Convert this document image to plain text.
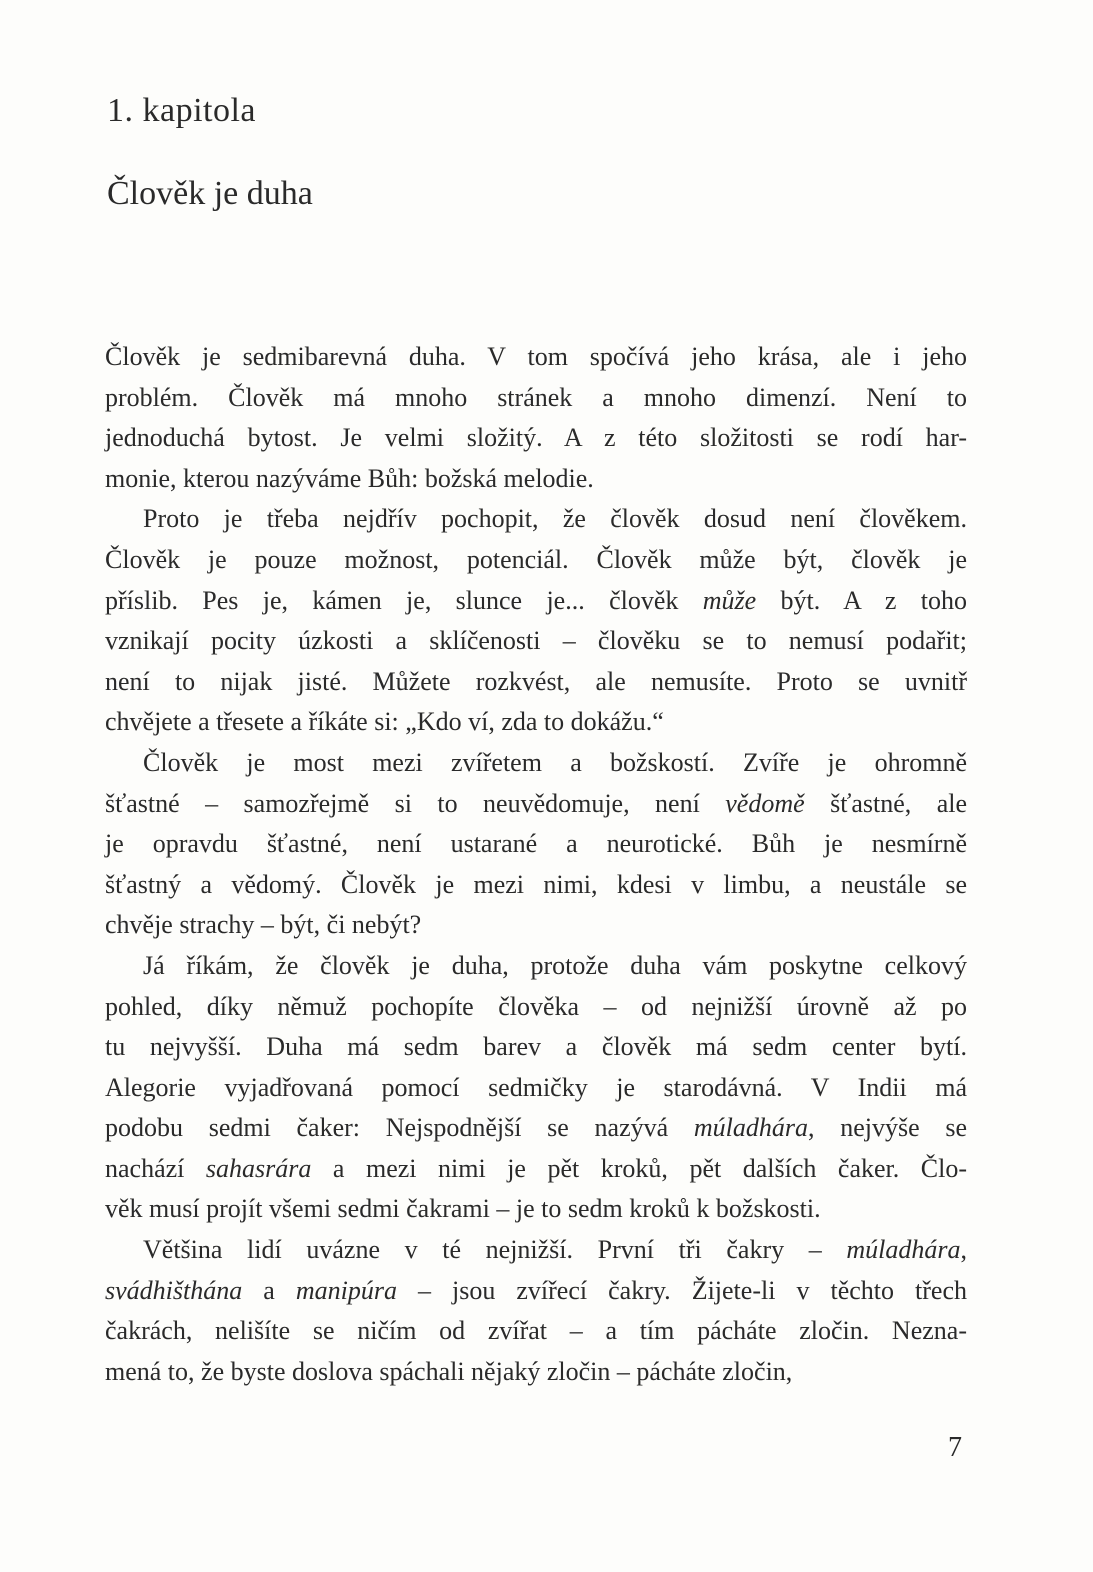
1. kapitola
Člověk je duha
Člověk je sedmibarevná duha. V tom spočívá jeho krása, ale i jeho
problém. Člověk má mnoho stránek a mnoho dimenzí. Není to
jednoduchá bytost. Je velmi složitý. A z této složitosti se rodí har-
monie, kterou nazýváme Bůh: božská melodie.
Proto je třeba nejdřív pochopit, že člověk dosud není člověkem.
Člověk je pouze možnost, potenciál. Člověk může být, člověk je
příslib. Pes je, kámen je, slunce je... člověk může být. A z toho
vznikají pocity úzkosti a sklíčenosti – člověku se to nemusí podařit;
není to nijak jisté. Můžete rozkvést, ale nemusíte. Proto se uvnitř
chvějete a třesete a říkáte si: „Kdo ví, zda to dokážu.“
Člověk je most mezi zvířetem a božskostí. Zvíře je ohromně
šťastné – samozřejmě si to neuvědomuje, není vědomě šťastné, ale
je opravdu šťastné, není ustarané a neurotické. Bůh je nesmírně
šťastný a vědomý. Člověk je mezi nimi, kdesi v limbu, a neustále se
chvěje strachy – být, či nebýt?
Já říkám, že člověk je duha, protože duha vám poskytne celkový
pohled, díky němuž pochopíte člověka – od nejnižší úrovně až po
tu nejvyšší. Duha má sedm barev a člověk má sedm center bytí.
Alegorie vyjadřovaná pomocí sedmičky je starodávná. V Indii má
podobu sedmi čaker: Nejspodnější se nazývá múladhára, nejvýše se
nachází sahasrára a mezi nimi je pět kroků, pět dalších čaker. Člo-
věk musí projít všemi sedmi čakrami – je to sedm kroků k božskosti.
Většina lidí uvázne v té nejnižší. První tři čakry – múladhára,
svádhišthána a manipúra – jsou zvířecí čakry. Žijete-li v těchto třech
čakrách, nelišíte se ničím od zvířat – a tím pácháte zločin. Nezna-
mená to, že byste doslova spáchali nějaký zločin – pácháte zločin,
7
